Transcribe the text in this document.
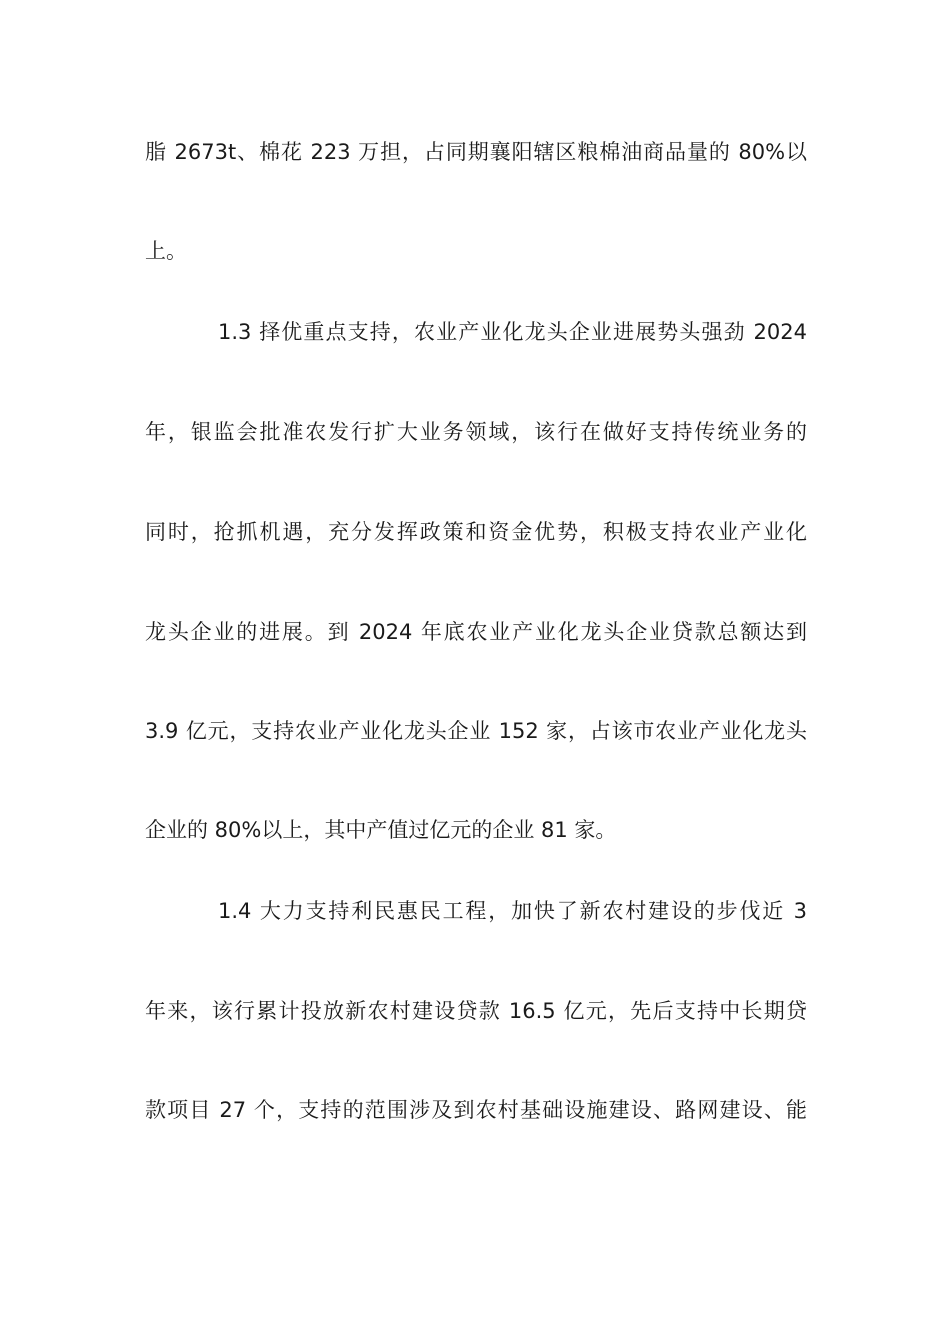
脂 2673t、棉花 223 万担，占同期襄阳辖区粮棉油商品量的 80%以
上。
1.3 择优重点支持，农业产业化龙头企业进展势头强劲 2024
年，银监会批准农发行扩大业务领域，该行在做好支持传统业务的
同时，抢抓机遇，充分发挥政策和资金优势，积极支持农业产业化
龙头企业的进展。到 2024 年底农业产业化龙头企业贷款总额达到
3.9 亿元，支持农业产业化龙头企业 152 家，占该市农业产业化龙头
企业的 80%以上，其中产值过亿元的企业 81 家。
1.4 大力支持利民惠民工程，加快了新农村建设的步伐近 3
年来，该行累计投放新农村建设贷款 16.5 亿元，先后支持中长期贷
款项目 27 个，支持的范围涉及到农村基础设施建设、路网建设、能
